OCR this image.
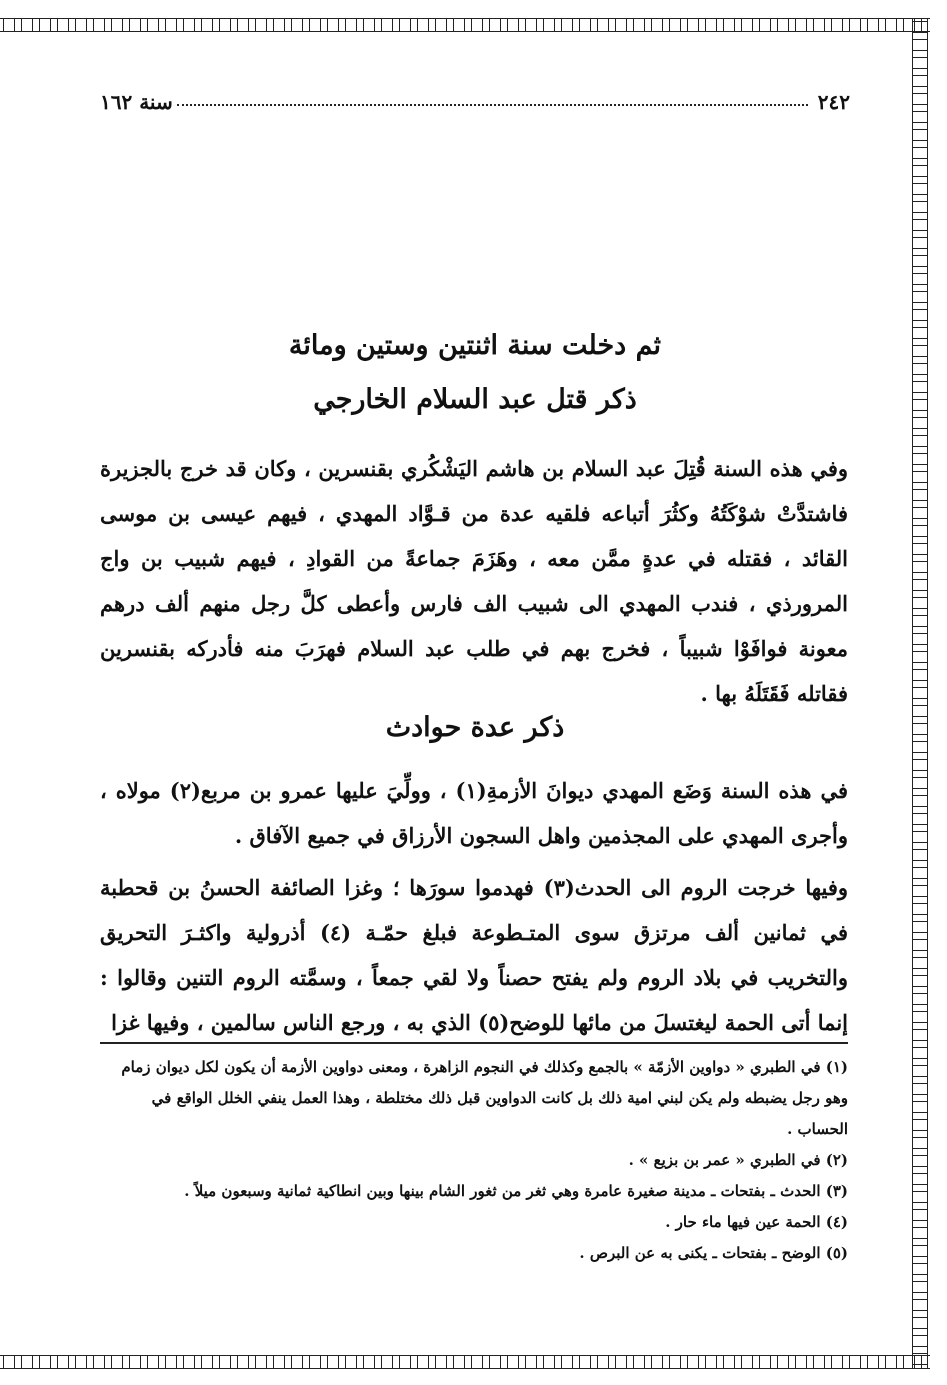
٢٤٢
سنة ١٦٢
ثم دخلت سنة اثنتين وستين ومائة
ذكر قتل عبد السلام الخارجي
وفي هذه السنة قُتِلَ عبد السلام بن هاشم اليَشْكُري بقنسرين ، وكان قد خرج بالجزيرة فاشتدَّتْ شوْكَتُهُ وكثُرَ أتباعه فلقيه عدة من قـوَّاد المهدي ، فيهم عيسى بن موسى القائد ، فقتله في عدةٍ ممَّن معه ، وهَزَمَ جماعةً من القوادِ ، فيهم شبيب بن واج المرورذي ، فندب المهدي الى شبيب الف فارس وأعطى كلَّ رجل منهم ألف درهم معونة فوافَوْا شبيباً ، فخرج بهم في طلب عبد السلام فهرَبَ منه فأدركه بقنسرين فقاتله فَقَتَلَهُ بها .
ذكر عدة حوادث
في هذه السنة وَضَع المهدي ديوانَ الأزمةِ(١) ، وولِّيَ عليها عمرو بن مربع(٢) مولاه ، وأجرى المهدي على المجذمين واهل السجون الأرزاق في جميع الآفاق .
وفيها خرجت الروم الى الحدث(٣) فهدموا سورَها ؛ وغزا الصائفة الحسنُ بن قحطبة في ثمانين ألف مرتزق سوى المتـطوعة فبلغ حمّـة (٤) أذرولية واكثـرَ التحريق والتخريب في بلاد الروم ولم يفتح حصناً ولا لقي جمعاً ، وسمَّته الروم التنين وقالوا : إنما أتى الحمة ليغتسلَ من مائها للوضح(٥) الذي به ، ورجع الناس سالمين ، وفيها غزا

(١) في الطبري « دواوين الأزمّة » بالجمع وكذلك في النجوم الزاهرة ، ومعنى دواوين الأزمة أن يكون لكل ديوان زمام وهو رجل يضبطه ولم يكن لبني امية ذلك بل كانت الدواوين قبل ذلك مختلطة ، وهذا العمل ينفي الخلل الواقع في الحساب .

(٢) في الطبري « عمر بن بزيع » .

(٣) الحدث ـ بفتحات ـ مدينة صغيرة عامرة وهي ثغر من ثغور الشام بينها وبين انطاكية ثمانية وسبعون ميلاً .

(٤) الحمة عين فيها ماء حار .

(٥) الوضح ـ بفتحات ـ يكنى به عن البرص .
